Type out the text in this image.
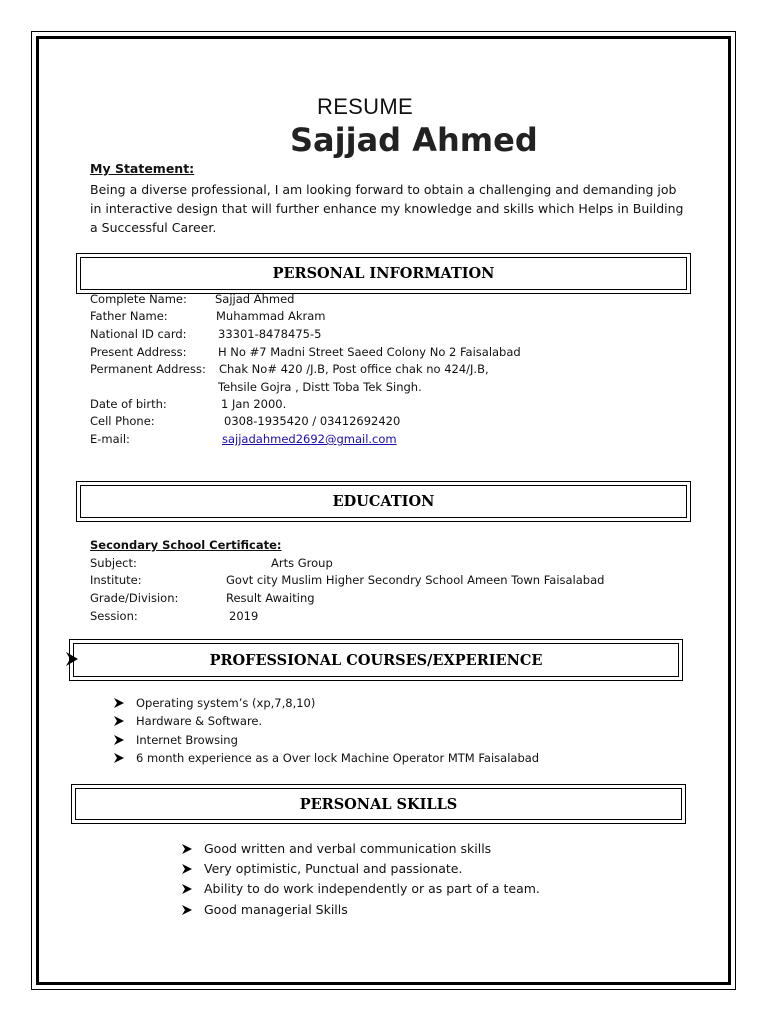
RESUME
Sajjad Ahmed
My Statement:
Being a diverse professional, I am looking forward to obtain a challenging and demanding job in interactive design that will further enhance my knowledge and skills which Helps in Building a Successful Career.
PERSONAL INFORMATION
Complete Name: Sajjad Ahmed
Father Name:	Muhammad Akram
National ID card:	33301-8478475-5
Present Address:	H No #7 Madni Street Saeed Colony No 2 Faisalabad
Permanent Address: Chak No# 420 /J.B, Post office chak no 424/J.B,
Tehsile Gojra , Distt Toba Tek Singh.
Date of birth:	1 Jan 2000.
Cell Phone:	0308-1935420 / 03412692420
E-mail:	sajjadahmed2692@gmail.com
EDUCATION
Secondary School Certificate:
Subject:	Arts Group
Institute:	Govt city Muslim Higher Secondry School Ameen Town Faisalabad
Grade/Division:	Result Awaiting
Session:	2019
PROFESSIONAL COURSES/EXPERIENCE
Operating system’s (xp,7,8,10)
Hardware & Software.
Internet Browsing
6 month experience as a Over lock Machine Operator MTM Faisalabad
PERSONAL SKILLS
Good written and verbal communication skills
Very optimistic, Punctual and passionate.
Ability to do work independently or as part of a team.
Good managerial Skills
